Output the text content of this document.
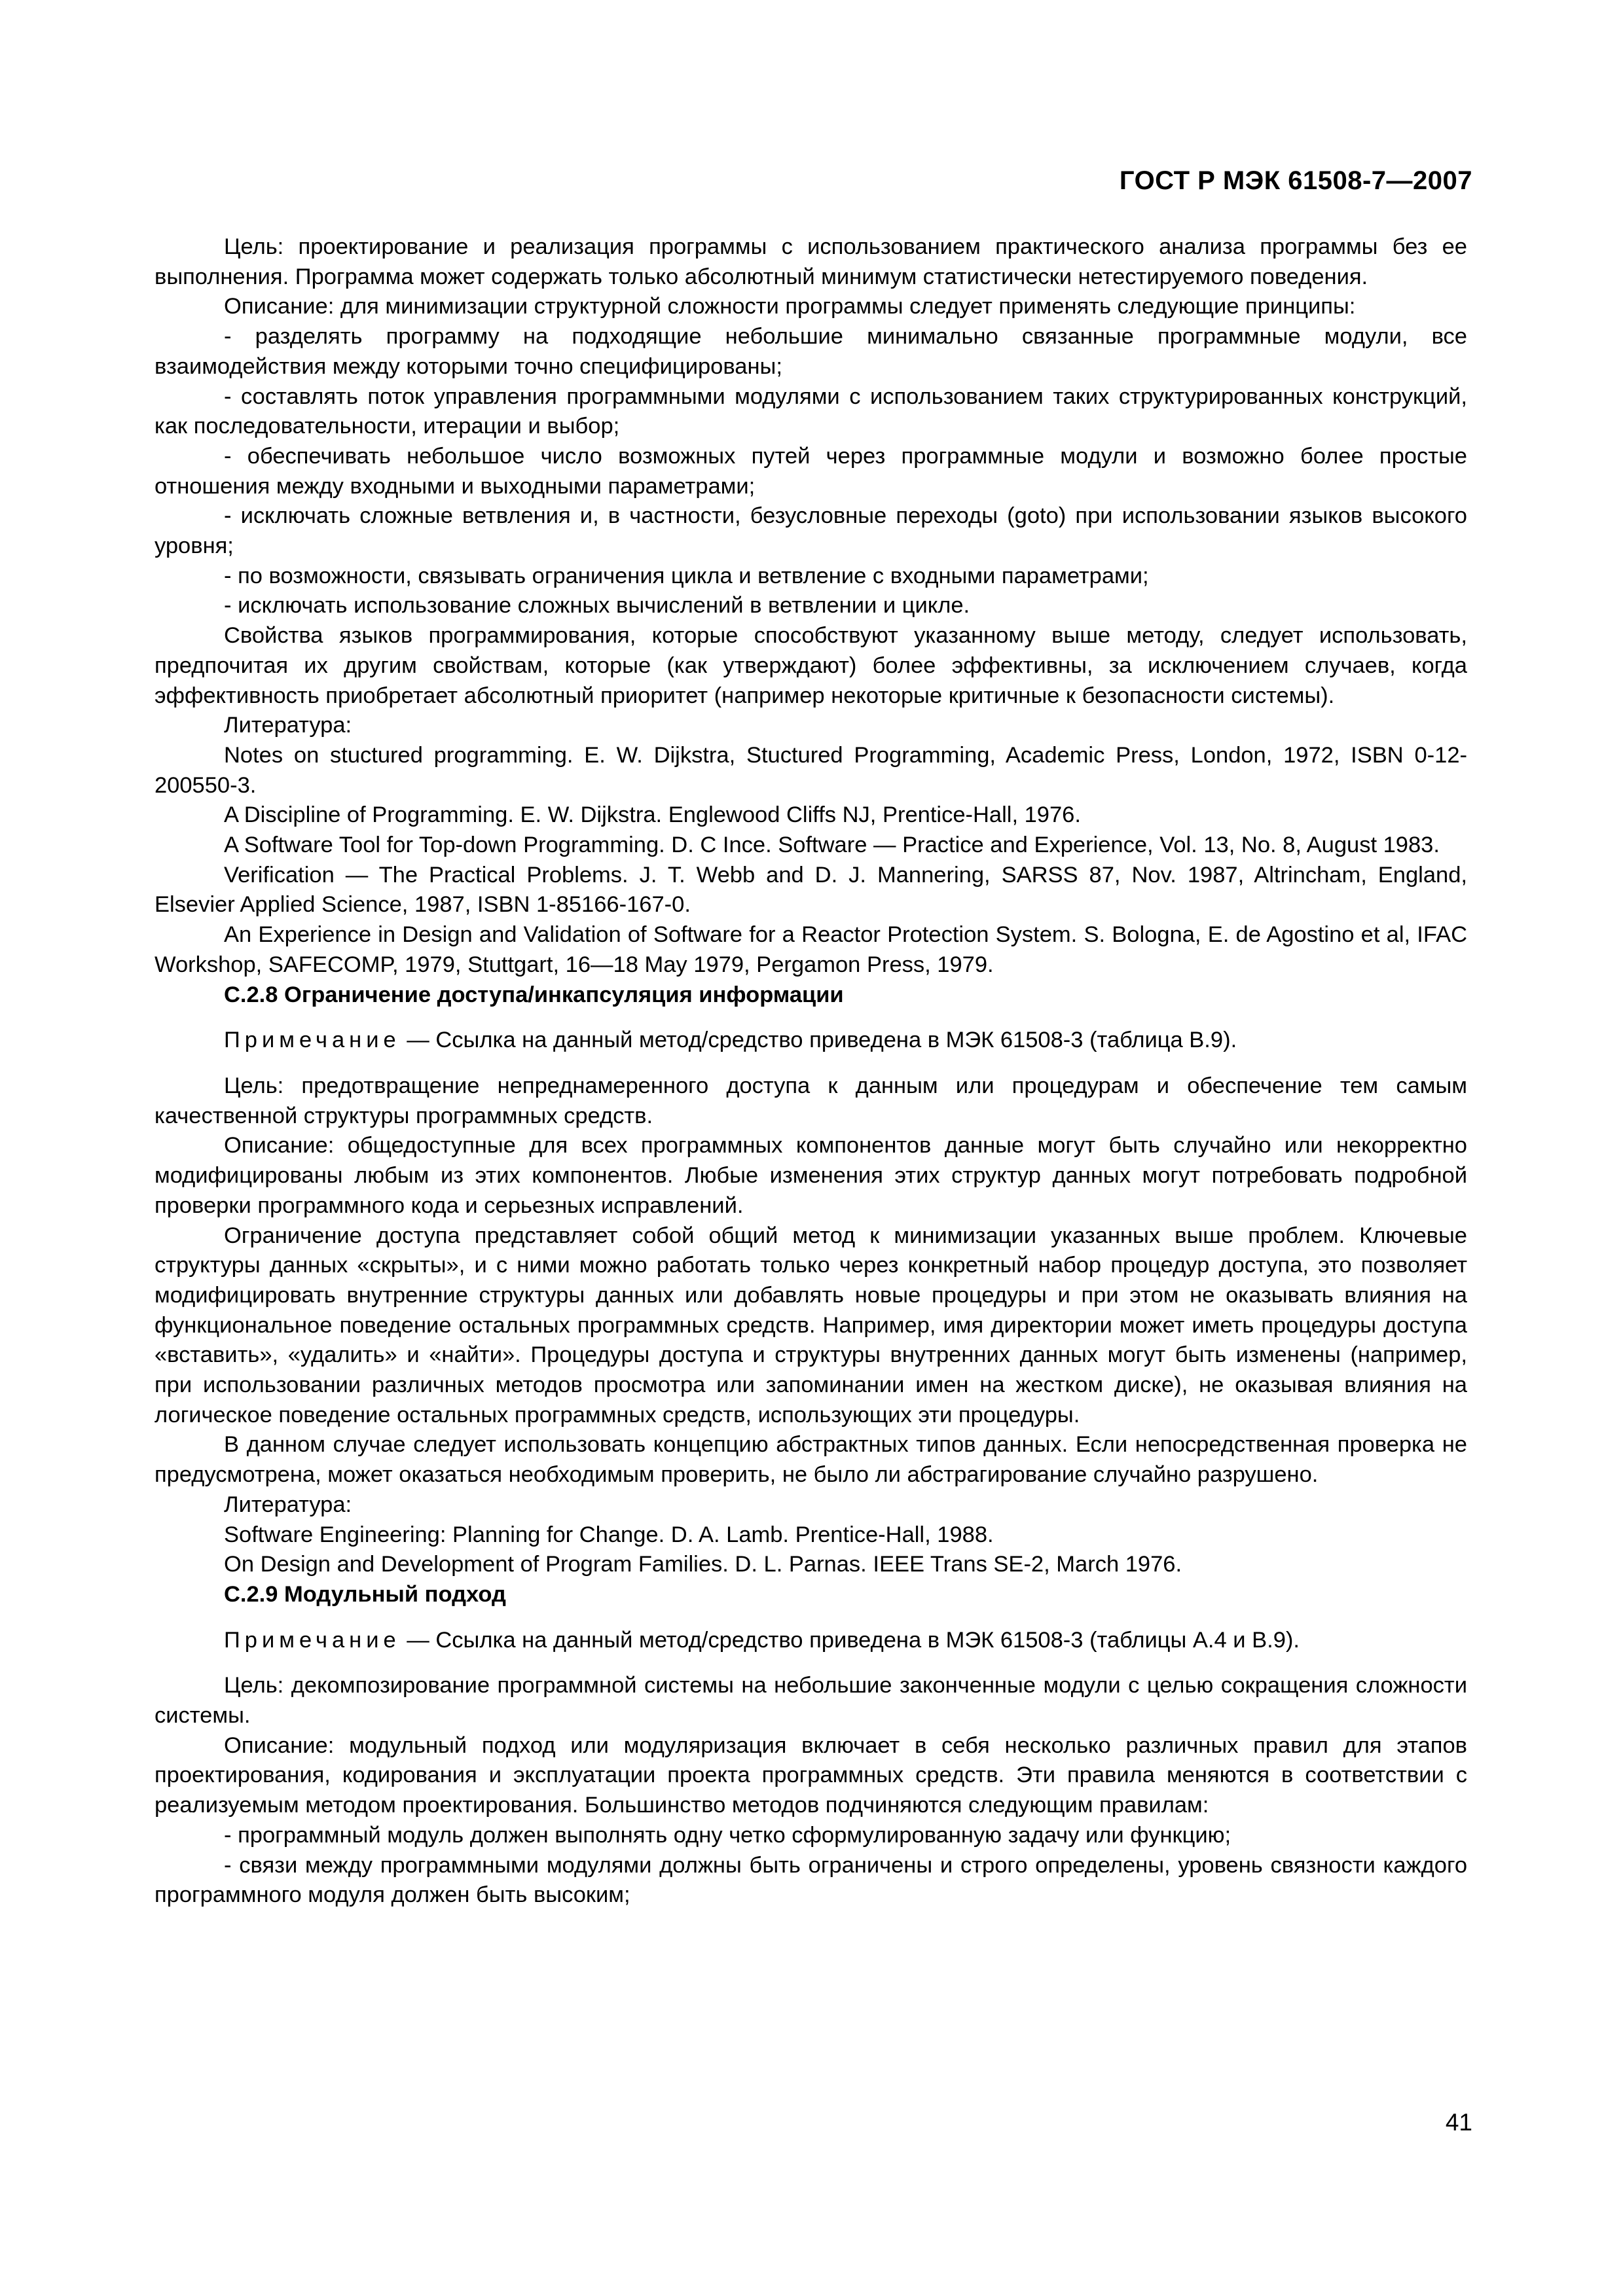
ГОСТ Р МЭК 61508-7—2007

Цель: проектирование и реализация программы с использованием практического анализа программы без ее выполнения. Программа может содержать только абсолютный минимум статистически нетестируемого поведения.

Описание: для минимизации структурной сложности программы следует применять следующие принципы:

- разделять программу на подходящие небольшие минимально связанные программные модули, все взаимодействия между которыми точно специфицированы;

- составлять поток управления программными модулями с использованием таких структурированных конструкций, как последовательности, итерации и выбор;

- обеспечивать небольшое число возможных путей через программные модули и возможно более простые отношения между входными и выходными параметрами;

- исключать сложные ветвления и, в частности, безусловные переходы (goto) при использовании языков высокого уровня;

- по возможности, связывать ограничения цикла и ветвление с входными параметрами;

- исключать использование сложных вычислений в ветвлении и цикле.

Свойства языков программирования, которые способствуют указанному выше методу, следует использовать, предпочитая их другим свойствам, которые (как утверждают) более эффективны, за исключением случаев, когда эффективность приобретает абсолютный приоритет (например некоторые критичные к безопасности системы).

Литература:

Notes on stuctured programming. E. W. Dijkstra, Stuctured Programming, Academic Press, London, 1972, ISBN 0-12-200550-3.

A Discipline of Programming. E. W. Dijkstra. Englewood Cliffs NJ, Prentice-Hall, 1976.

A Software Tool for Top-down Programming. D. C Ince. Software — Practice and Experience, Vol. 13, No. 8, August 1983.

Verification — The Practical Problems. J. T. Webb and D. J. Mannering, SARSS 87, Nov. 1987, Altrincham, England, Elsevier Applied Science, 1987, ISBN 1-85166-167-0.

An Experience in Design and Validation of Software for a Reactor Protection System. S. Bologna, E. de Agostino et al, IFAC Workshop, SAFECOMP, 1979, Stuttgart, 16—18 May 1979, Pergamon Press, 1979.

C.2.8 Ограничение доступа/инкапсуляция информации

Примечание — Ссылка на данный метод/средство приведена в МЭК 61508-3 (таблица В.9).

Цель: предотвращение непреднамеренного доступа к данным или процедурам и обеспечение тем самым качественной структуры программных средств.

Описание: общедоступные для всех программных компонентов данные могут быть случайно или некорректно модифицированы любым из этих компонентов. Любые изменения этих структур данных могут потребовать подробной проверки программного кода и серьезных исправлений.

Ограничение доступа представляет собой общий метод к минимизации указанных выше проблем. Ключевые структуры данных «скрыты», и с ними можно работать только через конкретный набор процедур доступа, это позволяет модифицировать внутренние структуры данных или добавлять новые процедуры и при этом не оказывать влияния на функциональное поведение остальных программных средств. Например, имя директории может иметь процедуры доступа «вставить», «удалить» и «найти». Процедуры доступа и структуры внутренних данных могут быть изменены (например, при использовании различных методов просмотра или запоминании имен на жестком диске), не оказывая влияния на логическое поведение остальных программных средств, использующих эти процедуры.

В данном случае следует использовать концепцию абстрактных типов данных. Если непосредственная проверка не предусмотрена, может оказаться необходимым проверить, не было ли абстрагирование случайно разрушено.

Литература:

Software Engineering: Planning for Change. D. A. Lamb. Prentice-Hall, 1988.

On Design and Development of Program Families. D. L. Parnas. IEEE Trans SE-2, March 1976.

C.2.9 Модульный подход

Примечание — Ссылка на данный метод/средство приведена в МЭК 61508-3 (таблицы А.4 и В.9).

Цель: декомпозирование программной системы на небольшие законченные модули с целью сокращения сложности системы.

Описание: модульный подход или модуляризация включает в себя несколько различных правил для этапов проектирования, кодирования и эксплуатации проекта программных средств. Эти правила меняются в соответствии с реализуемым методом проектирования. Большинство методов подчиняются следующим правилам:

- программный модуль должен выполнять одну четко сформулированную задачу или функцию;

- связи между программными модулями должны быть ограничены и строго определены, уровень связности каждого программного модуля должен быть высоким;

41
